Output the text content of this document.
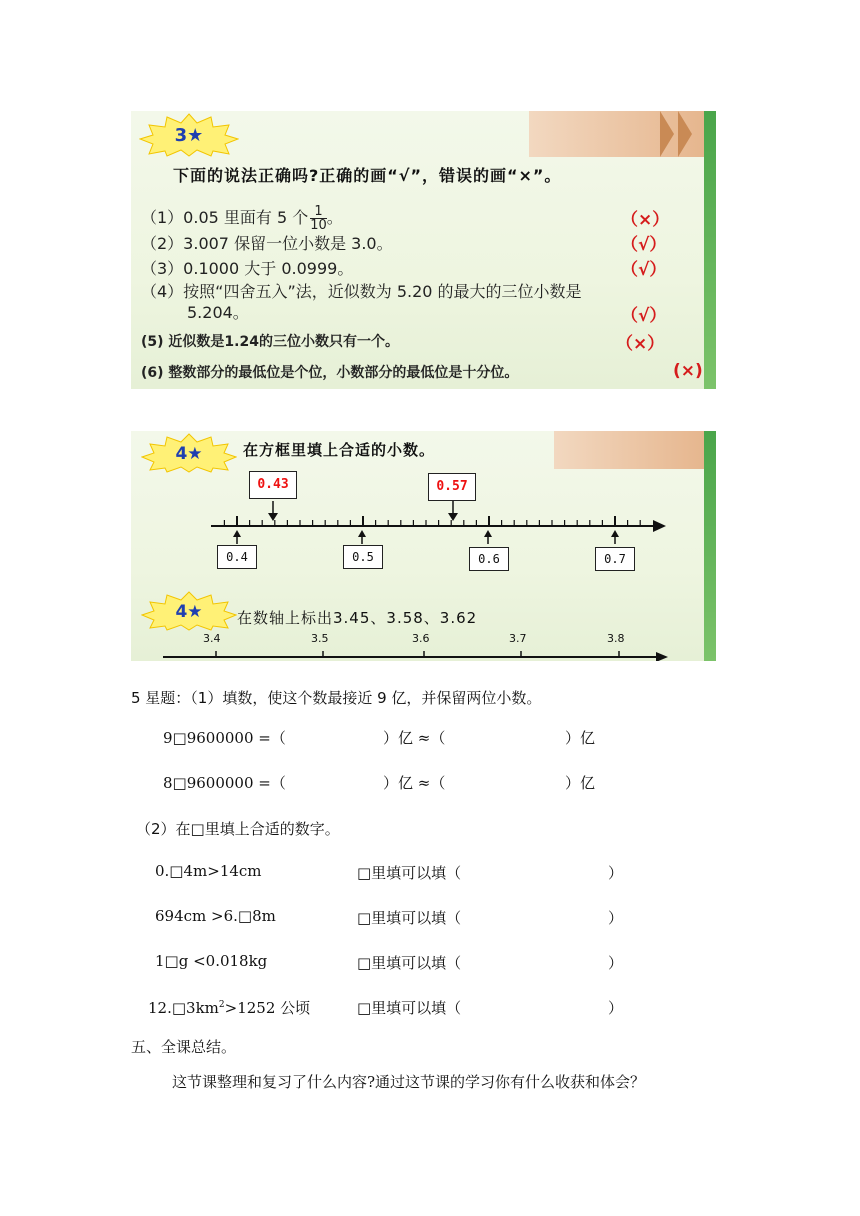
3★
下面的说法正确吗?正确的画“√”，错误的画“×”。
（1）0.05 里面有 5 个 $\frac{1}{10}$ 。	（×）
（2）3.007 保留一位小数是 3.0。	（√）
（3）0.1000 大于 0.0999。	（√）
（4）按照“四舍五入”法，近似数为 5.20 的最大的三位小数是
5.204。	（√）
(5) 近似数是1.24的三位小数只有一个。	（×）
(6) 整数部分的最低位是个位，小数部分的最低位是十分位。	(×)
4★	在方框里填上合适的小数。
0.43	0.57
0.4	0.5	0.6	0.7
4★ 在数轴上标出3.45、3.58、3.62
3.4	3.5	3.6	3.7	3.8
5 星题：（1）填数，使这个数最接近 9 亿，并保留两位小数。
9□9600000 =（	）亿 ≈（	）亿
8□9600000 =（	）亿 ≈（	）亿
（2）在□里填上合适的数字。
0.□4m>14cm	□里填可以填（	）
694cm >6.□8m	□里填可以填（	）
1□g <0.018kg	□里填可以填（	）
$12.□3km^2>1252$ 公顷	□里填可以填（	）
五、全课总结。
这节课整理和复习了什么内容?通过这节课的学习你有什么收获和体会？
